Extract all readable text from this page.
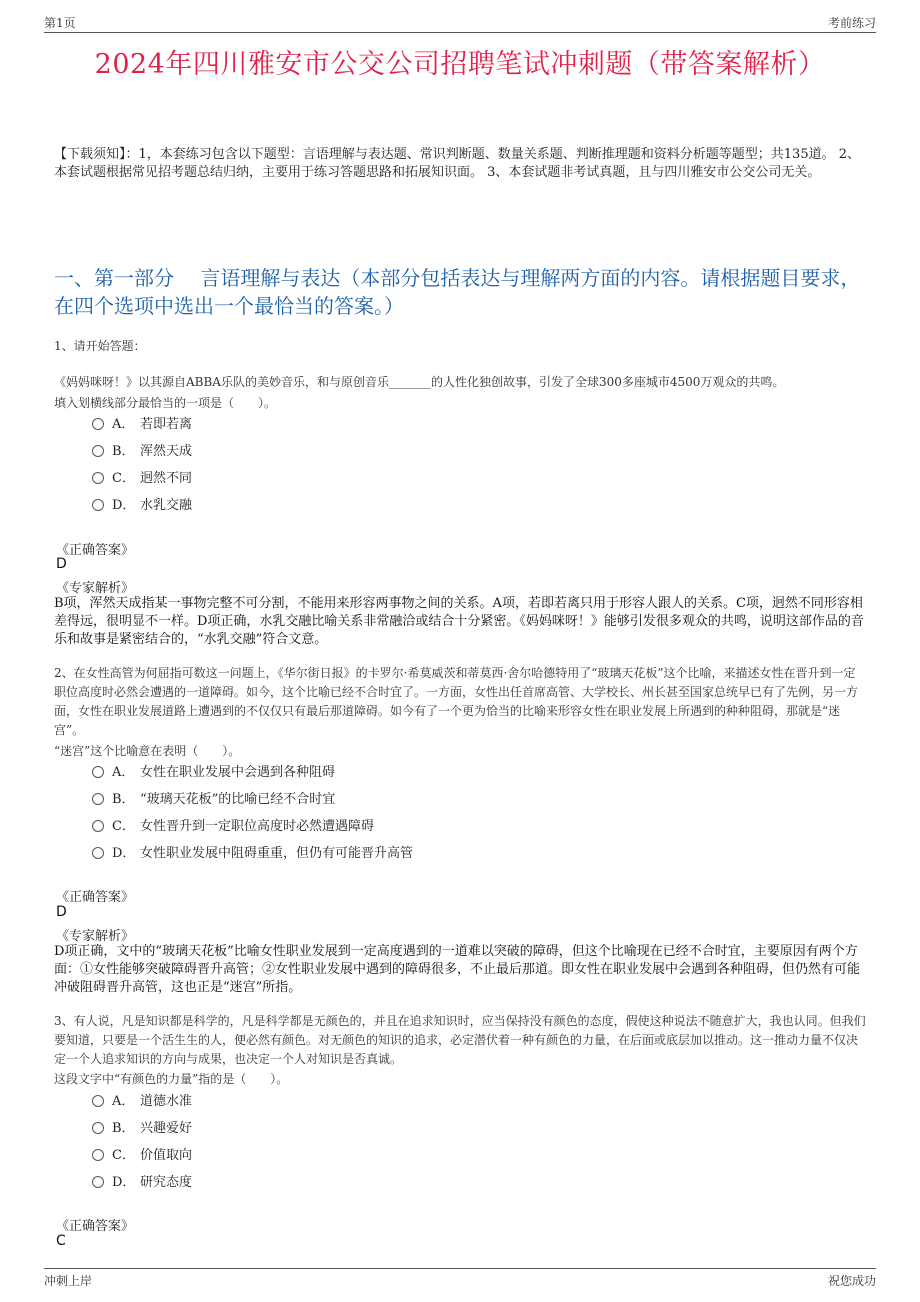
第1页	考前练习
2024年四川雅安市公交公司招聘笔试冲刺题（带答案解析）
【下载须知】：1，本套练习包含以下题型：言语理解与表达题、常识判断题、数量关系题、判断推理题和资料分析题等题型；共135道。 2、本套试题根据常见招考题总结归纳，主要用于练习答题思路和拓展知识面。 3、本套试题非考试真题，且与四川雅安市公交公司无关。
一、第一部分　 言语理解与表达（本部分包括表达与理解两方面的内容。请根据题目要求，在四个选项中选出一个最恰当的答案。）
1、请开始答题：
《妈妈咪呀！》以其源自ABBA乐队的美妙音乐，和与原创音乐_______的人性化独创故事，引发了全球300多座城市4500万观众的共鸣。
填入划横线部分最恰当的一项是（　　）。
A． 若即若离
B． 浑然天成
C． 迥然不同
D． 水乳交融
《正确答案》
D
《专家解析》
B项，浑然天成指某一事物完整不可分割，不能用来形容两事物之间的关系。A项，若即若离只用于形容人跟人的关系。C项，迥然不同形容相差得远，很明显不一样。D项正确，水乳交融比喻关系非常融洽或结合十分紧密。《妈妈咪呀！》能够引发很多观众的共鸣，说明这部作品的音乐和故事是紧密结合的，“水乳交融”符合文意。
2、在女性高管为何屈指可数这一问题上，《华尔街日报》的卡罗尔·希莫威茨和蒂莫西·舍尔哈德特用了“玻璃天花板”这个比喻，来描述女性在晋升到一定职位高度时必然会遭遇的一道障碍。如今，这个比喻已经不合时宜了。一方面，女性出任首席高管、大学校长、州长甚至国家总统早已有了先例，另一方面，女性在职业发展道路上遭遇到的不仅仅只有最后那道障碍。如今有了一个更为恰当的比喻来形容女性在职业发展上所遇到的种种阻碍，那就是“迷宫”。
“迷宫”这个比喻意在表明（　　）。
A． 女性在职业发展中会遇到各种阻碍
B． “玻璃天花板”的比喻已经不合时宜
C． 女性晋升到一定职位高度时必然遭遇障碍
D． 女性职业发展中阻碍重重，但仍有可能晋升高管
《正确答案》
D
《专家解析》
D项正确，文中的“玻璃天花板”比喻女性职业发展到一定高度遇到的一道难以突破的障碍，但这个比喻现在已经不合时宜，主要原因有两个方面：①女性能够突破障碍晋升高管；②女性职业发展中遇到的障碍很多，不止最后那道。即女性在职业发展中会遇到各种阻碍，但仍然有可能冲破阻碍晋升高管，这也正是“迷宫”所指。
3、有人说，凡是知识都是科学的，凡是科学都是无颜色的，并且在追求知识时，应当保持没有颜色的态度，假使这种说法不随意扩大，我也认同。但我们要知道，只要是一个活生生的人，便必然有颜色。对无颜色的知识的追求，必定潜伏着一种有颜色的力量，在后面或底层加以推动。这一推动力量不仅决定一个人追求知识的方向与成果，也决定一个人对知识是否真诚。
这段文字中“有颜色的力量”指的是（　　）。
A． 道德水准
B． 兴趣爱好
C． 价值取向
D． 研究态度
《正确答案》
C
冲刺上岸	祝您成功
